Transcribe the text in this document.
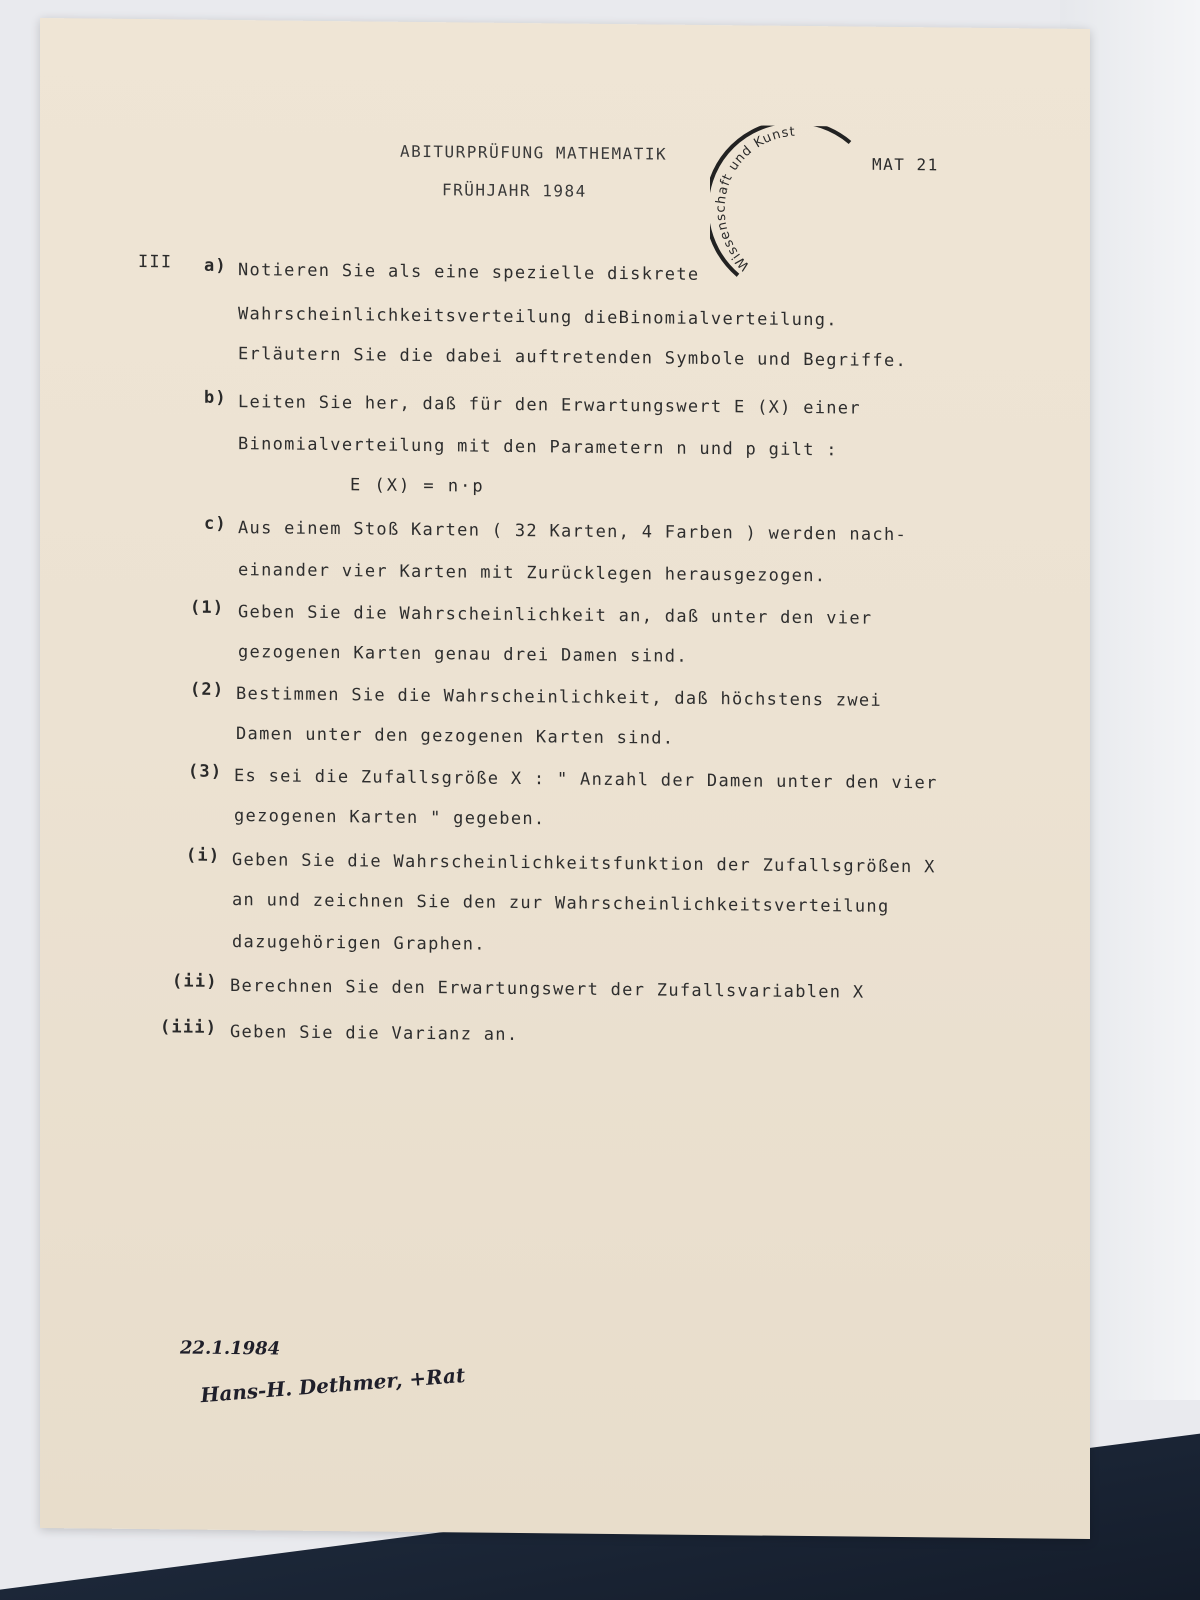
ABITURPRÜFUNG MATHEMATIK
FRÜHJAHR 1984
MAT 21
Wissenschaft und Kunst
III a) Notieren Sie als eine spezielle diskrete
Wahrscheinlichkeitsverteilung dieBinomialverteilung.
Erläutern Sie die dabei auftretenden Symbole und Begriffe.
b) Leiten Sie her, daß für den Erwartungswert E (X) einer
Binomialverteilung mit den Parametern n und p gilt :
E (X) = n·p
c) Aus einem Stoß Karten ( 32 Karten, 4 Farben ) werden nach-
einander vier Karten mit Zurücklegen herausgezogen.
(1) Geben Sie die Wahrscheinlichkeit an, daß unter den vier
gezogenen Karten genau drei Damen sind.
(2) Bestimmen Sie die Wahrscheinlichkeit, daß höchstens zwei
Damen unter den gezogenen Karten sind.
(3) Es sei die Zufallsgröße X : " Anzahl der Damen unter den vier
gezogenen Karten " gegeben.
(i) Geben Sie die Wahrscheinlichkeitsfunktion der Zufallsgrößen X
an und zeichnen Sie den zur Wahrscheinlichkeitsverteilung
dazugehörigen Graphen.
(ii) Berechnen Sie den Erwartungswert der Zufallsvariablen X
(iii) Geben Sie die Varianz an.
22.1.1984
Hans-H. Dethmer, +Rat
